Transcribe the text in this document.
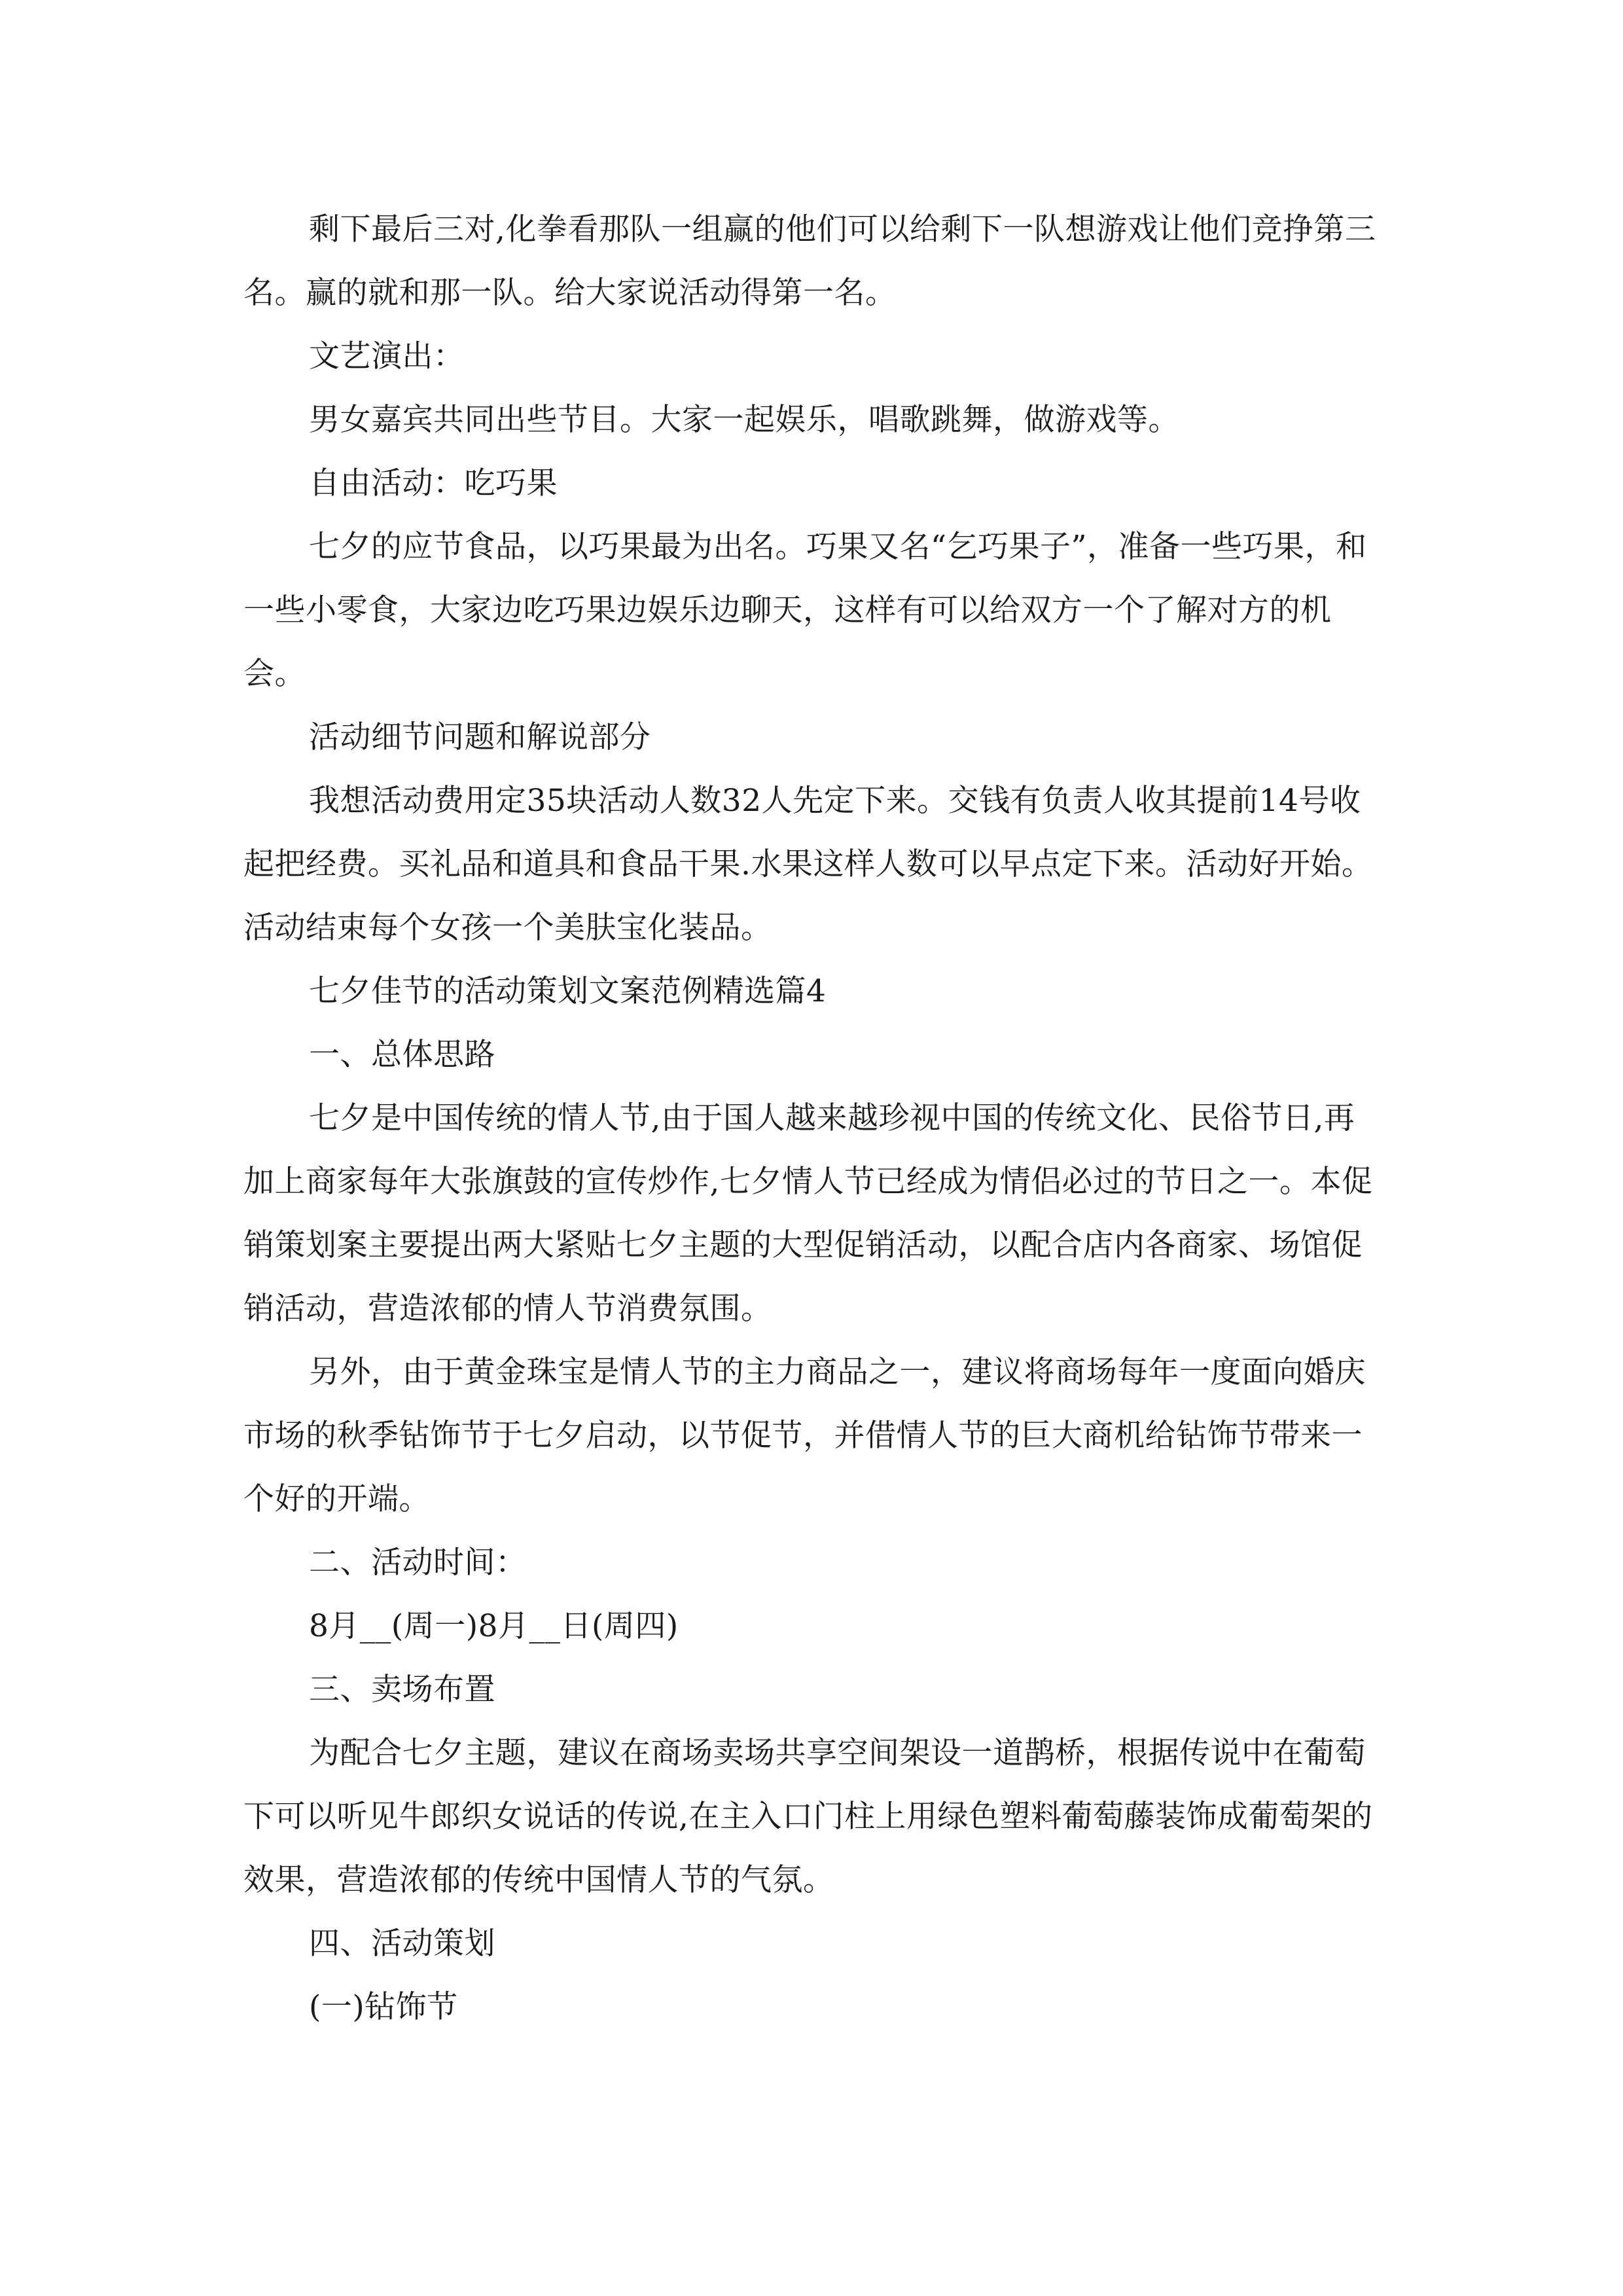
剩下最后三对,化拳看那队一组赢的他们可以给剩下一队想游戏让他们竞挣第三名。赢的就和那一队。给大家说活动得第一名。

文艺演出：

男女嘉宾共同出些节目。大家一起娱乐，唱歌跳舞，做游戏等。

自由活动：吃巧果

七夕的应节食品，以巧果最为出名。巧果又名“乞巧果子”，准备一些巧果，和一些小零食，大家边吃巧果边娱乐边聊天，这样有可以给双方一个了解对方的机会。

活动细节问题和解说部分

我想活动费用定35块活动人数32人先定下来。交钱有负责人收其提前14号收起把经费。买礼品和道具和食品干果.水果这样人数可以早点定下来。活动好开始。活动结束每个女孩一个美肤宝化装品。

七夕佳节的活动策划文案范例精选篇4

一、总体思路

七夕是中国传统的情人节,由于国人越来越珍视中国的传统文化、民俗节日,再加上商家每年大张旗鼓的宣传炒作,七夕情人节已经成为情侣必过的节日之一。本促销策划案主要提出两大紧贴七夕主题的大型促销活动，以配合店内各商家、场馆促销活动，营造浓郁的情人节消费氛围。

另外，由于黄金珠宝是情人节的主力商品之一，建议将商场每年一度面向婚庆市场的秋季钻饰节于七夕启动，以节促节，并借情人节的巨大商机给钻饰节带来一个好的开端。

二、活动时间：

8月__(周一)8月__日(周四)

三、卖场布置

为配合七夕主题，建议在商场卖场共享空间架设一道鹊桥，根据传说中在葡萄下可以听见牛郎织女说话的传说,在主入口门柱上用绿色塑料葡萄藤装饰成葡萄架的效果，营造浓郁的传统中国情人节的气氛。

四、活动策划

(一)钻饰节
